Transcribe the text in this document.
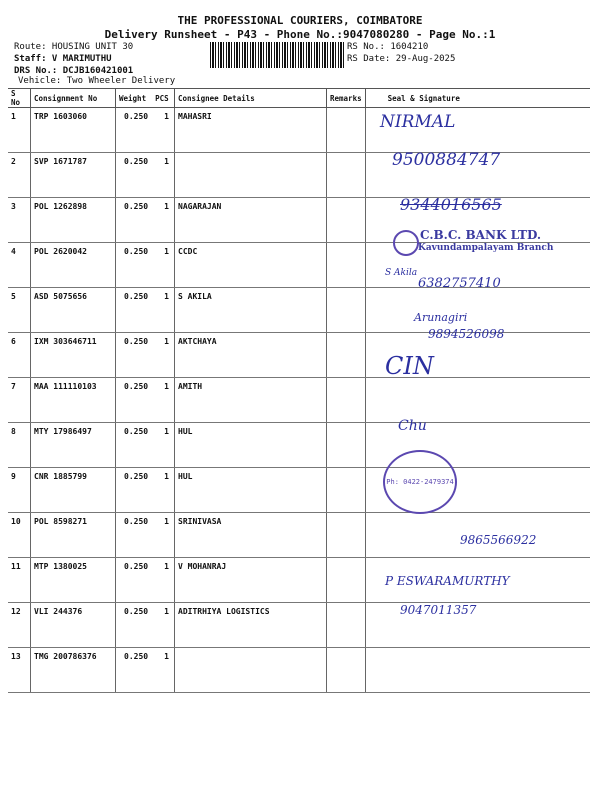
THE PROFESSIONAL COURIERS, COIMBATORE
Delivery Runsheet - P43 - Phone No.:9047080280 - Page No.:1
Route: HOUSING UNIT 30
Staff: V MARIMUTHU
DRS No.: DCJB160421001
Vehicle: Two Wheeler Delivery
RS No.: 1604210
RS Date: 29-Aug-2025
S No	Consignment No	Weight PCS	Consignee Details	Remarks	Seal & Signature
1	TRP 1603060	0.250 1	MAHASRI		
2	SVP 1671787	0.250 1			

3	POL 1262898	0.250 1	NAGARAJAN		
4	POL 2620042	0.250 1	CCDC		
5	ASD 5075656	0.250 1	S AKILA		
6	IXM 303646711	0.250 1	AKTCHAYA		
7	MAA 111110103	0.250 1	AMITH		
8	MTY 17986497	0.250 1	HUL		
9	CNR 1885799	0.250 1	HUL		
10	POL 8598271	0.250 1	SRINIVASA		
11	MTP 1380025	0.250 1	V MOHANRAJ		
12	VLI 244376	0.250 1	ADITRHIYA LOGISTICS		
13	TMG 200786376	0.250 1			

NIRMAL
9500884747
9344016565
C.B.C. BANK LTD.
Kavundampalayam Branch
S Akila
6382757410
Arunagiri
9894526098
CIN
Chu
Ph: 0422-2479374
9865566922
P ESWARAMURTHY
9047011357
